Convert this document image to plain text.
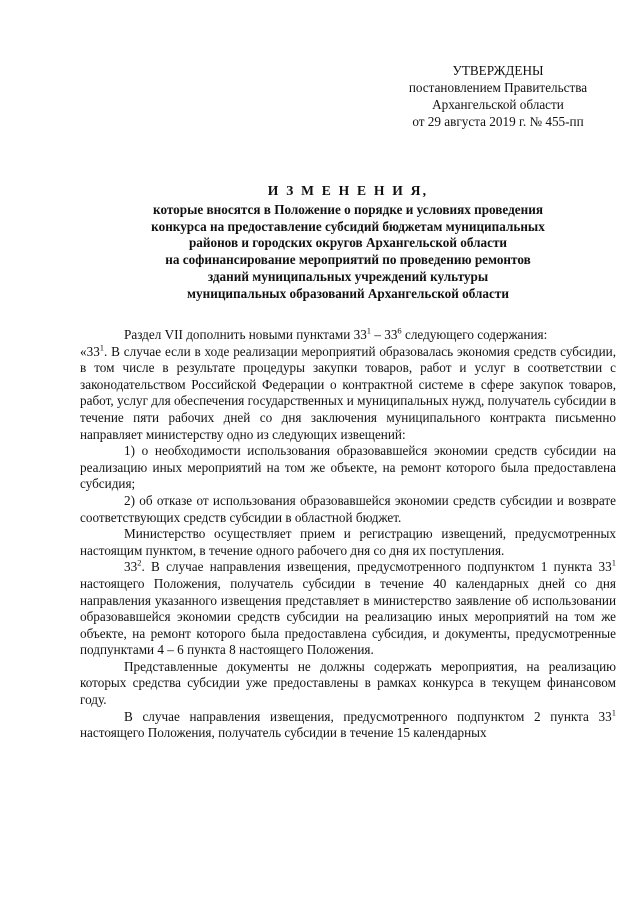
УТВЕРЖДЕНЫ
постановлением Правительства
Архангельской области
от 29 августа 2019 г. № 455-пп
И З М Е Н Е Н И Я,
которые вносятся в Положение о порядке и условиях проведения
конкурса на предоставление субсидий бюджетам муниципальных
районов и городских округов Архангельской области
на софинансирование мероприятий по проведению ремонтов
зданий муниципальных учреждений культуры
муниципальных образований Архангельской области

Раздел VII дополнить новыми пунктами $33^1 - 33^6$ следующего содержания:

«$33^1$. В случае если в ходе реализации мероприятий образовалась экономия средств субсидии, в том числе в результате процедуры закупки товаров, работ и услуг в соответствии с законодательством Российской Федерации о контрактной системе в сфере закупок товаров, работ, услуг для обеспечения государственных и муниципальных нужд, получатель субсидии в течение пяти рабочих дней со дня заключения муниципального контракта письменно направляет министерству одно из следующих извещений:

1) о необходимости использования образовавшейся экономии средств субсидии на реализацию иных мероприятий на том же объекте, на ремонт которого была предоставлена субсидия;

2) об отказе от использования образовавшейся экономии средств субсидии и возврате соответствующих средств субсидии в областной бюджет.

Министерство осуществляет прием и регистрацию извещений, предусмотренных настоящим пунктом, в течение одного рабочего дня со дня их поступления.

$33^2$. В случае направления извещения, предусмотренного подпунктом 1 пункта $33^1$ настоящего Положения, получатель субсидии в течение 40 календарных дней со дня направления указанного извещения представляет в министерство заявление об использовании образовавшейся экономии средств субсидии на реализацию иных мероприятий на том же объекте, на ремонт которого была предоставлена субсидия, и документы, предусмотренные подпунктами 4 – 6 пункта 8 настоящего Положения.

Представленные документы не должны содержать мероприятия, на реализацию которых средства субсидии уже предоставлены в рамках конкурса в текущем финансовом году.

В случае направления извещения, предусмотренного подпунктом 2 пункта $33^1$ настоящего Положения, получатель субсидии в течение 15 календарных
